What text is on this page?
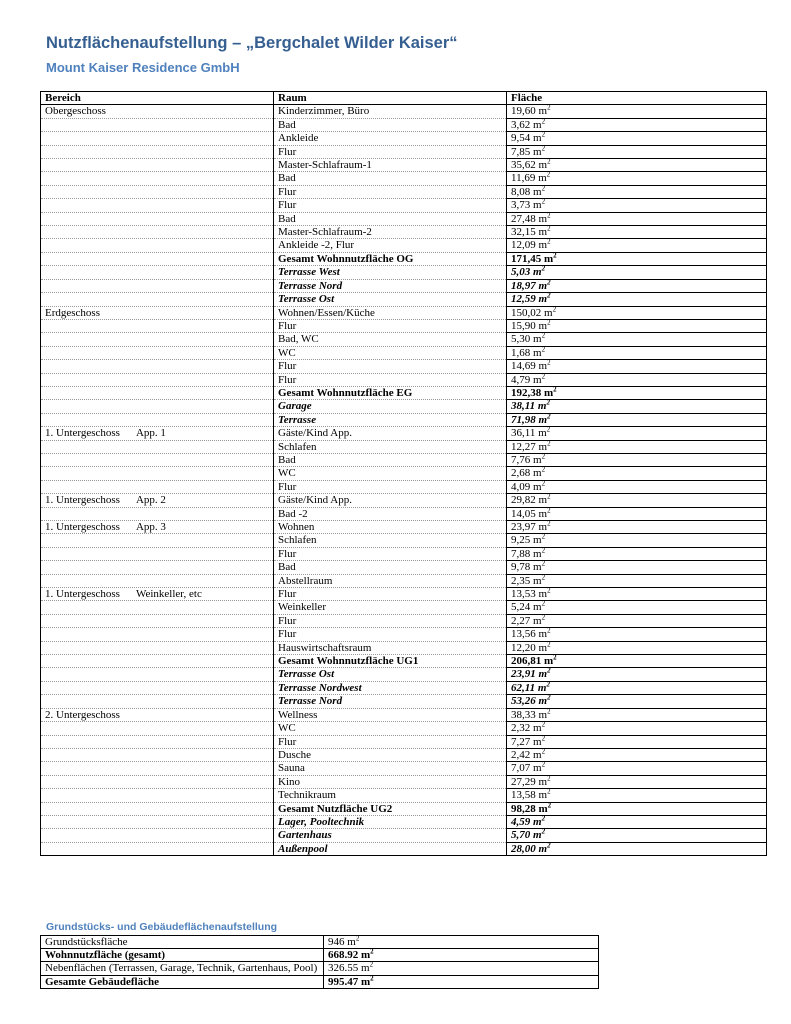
Nutzflächenaufstellung – „Bergchalet Wilder Kaiser“
Mount Kaiser Residence GmbH
Bereich	Raum	Fläche
Obergeschoss	Kinderzimmer, Büro	19,60 $m^2$
	Bad	3,62 $m^2$
	Ankleide	9,54 $m^2$
	Flur	7,85 $m^2$
	Master-Schlafraum-1	35,62 $m^2$
	Bad	11,69 $m^2$
	Flur	8,08 $m^2$
	Flur	3,73 $m^2$
	Bad	27,48 $m^2$
	Master-Schlafraum-2	32,15 $m^2$
	Ankleide -2, Flur	12,09 $m^2$
	Gesamt Wohnnutzfläche OG	171,45 $m^2$
	Terrasse West	5,03 $m^2$
	Terrasse Nord	18,97 $m^2$
	Terrasse Ost	12,59 $m^2$
Erdgeschoss	Wohnen/Essen/Küche	150,02 $m^2$
	Flur	15,90 $m^2$
	Bad, WC	5,30 $m^2$
	WC	1,68 $m^2$
	Flur	14,69 $m^2$
	Flur	4,79 $m^2$
	Gesamt Wohnnutzfläche EG	192,38 $m^2$
	Garage	38,11 $m^2$
	Terrasse	71,98 $m^2$
1. Untergeschoss App. 1	Gäste/Kind App.	36,11 $m^2$
	Schlafen	12,27 $m^2$
	Bad	7,76 $m^2$
	WC	2,68 $m^2$
	Flur	4,09 $m^2$
1. Untergeschoss App. 2	Gäste/Kind App.	29,82 $m^2$
	Bad -2	14,05 $m^2$
1. Untergeschoss App. 3	Wohnen	23,97 $m^2$
	Schlafen	9,25 $m^2$
	Flur	7,88 $m^2$
	Bad	9,78 $m^2$
	Abstellraum	2,35 $m^2$
1. Untergeschoss Weinkeller, etc	Flur	13,53 $m^2$
	Weinkeller	5,24 $m^2$
	Flur	2,27 $m^2$
	Flur	13,56 $m^2$
	Hauswirtschaftsraum	12,20 $m^2$
	Gesamt Wohnnutzfläche UG1	206,81 $m^2$
	Terrasse Ost	23,91 $m^2$
	Terrasse Nordwest	62,11 $m^2$
	Terrasse Nord	53,26 $m^2$
2. Untergeschoss	Wellness	38,33 $m^2$
	WC	2,32 $m^2$
	Flur	7,27 $m^2$
	Dusche	2,42 $m^2$
	Sauna	7,07 $m^2$
	Kino	27,29 $m^2$
	Technikraum	13,58 $m^2$
	Gesamt Nutzfläche UG2	98,28 $m^2$
	Lager, Pooltechnik	4,59 $m^2$
	Gartenhaus	5,70 $m^2$
	Außenpool	28,00 $m^2$
Grundstücks- und Gebäudeflächenaufstellung
Grundstücksfläche	946 $m^2$
Wohnnutzfläche (gesamt)	668.92 $m^2$
Nebenflächen (Terrassen, Garage, Technik, Gartenhaus, Pool)	326.55 $m^2$
Gesamte Gebäudefläche	995.47 $m^2$
